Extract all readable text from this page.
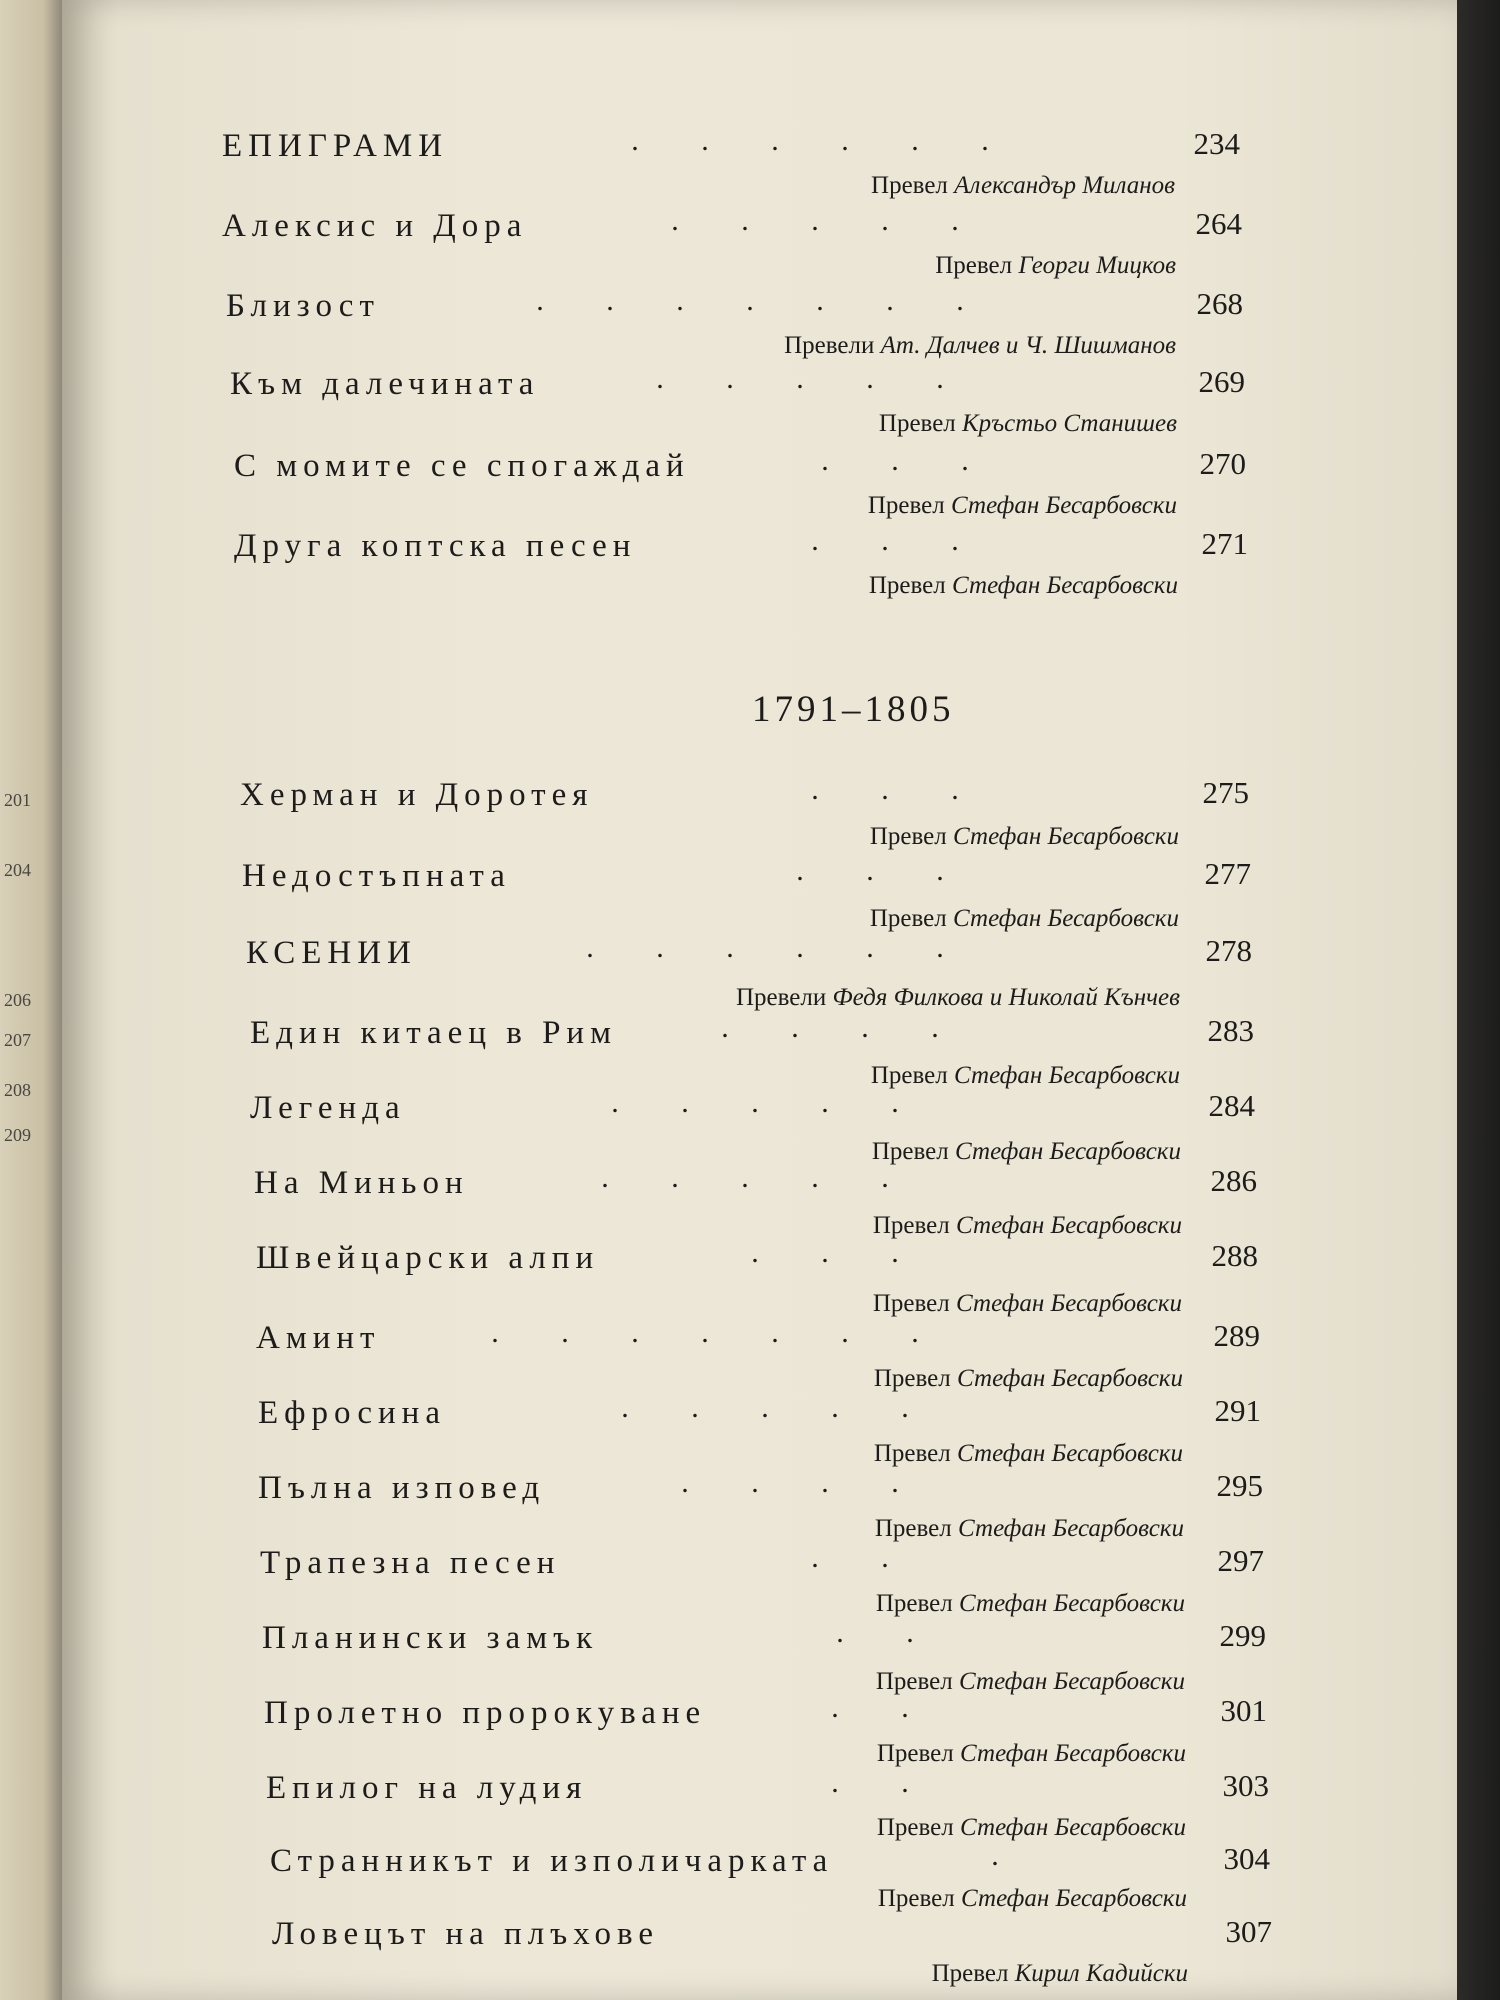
201
204
206
207
208
209

1791–1805
ЕПИГРАМИ	. . . . . .	234
Превел Александър Миланов
Алексис и Дора	. . . . .	264
Превел Георги Мицков
Близост	. . . . . . .	268
Превели Ат. Далчев и Ч. Шишманов
Към далечината	. . . . .	269
Превел Кръстьо Станишев
С момите се спогаждай	. . .	270
Превел Стефан Бесарбовски
Друга коптска песен	. . .	271
Превел Стефан Бесарбовски
Херман и Доротея	. . .	275
Превел Стефан Бесарбовски
Недостъпната	. . .	277
Превел Стефан Бесарбовски
КСЕНИИ	. . . . . .	278
Превели Федя Филкова и Николай Кънчев
Един китаец в Рим	. . . .	283
Превел Стефан Бесарбовски
Легенда	. . . . .	284
Превел Стефан Бесарбовски
На Миньон	. . . . .	286
Превел Стефан Бесарбовски
Швейцарски алпи	. . .	288
Превел Стефан Бесарбовски
Аминт	. . . . . . .	289
Превел Стефан Бесарбовски
Ефросина	. . . . .	291
Превел Стефан Бесарбовски
Пълна изповед	. . . .	295
Превел Стефан Бесарбовски
Трапезна песен	. .	297
Превел Стефан Бесарбовски
Планински замък	. .	299
Превел Стефан Бесарбовски
Пролетно пророкуване	. .	301
Превел Стефан Бесарбовски
Епилог на лудия	. .	303
Превел Стефан Бесарбовски
Странникът и изполичарката	.	304
Превел Стефан Бесарбовски
Ловецът на плъхове	307
Превел Кирил Кадийски
